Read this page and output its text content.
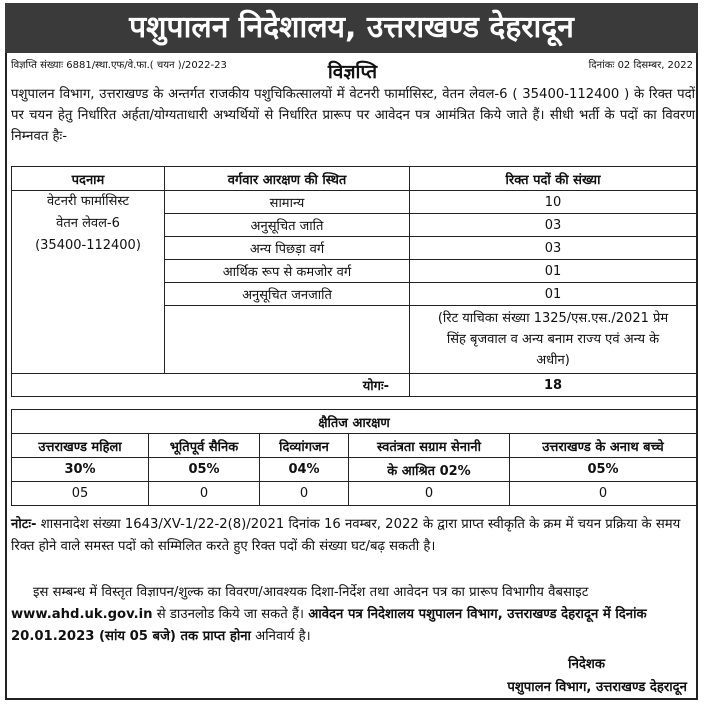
पशुपालन निदेशालय, उत्तराखण्ड देहरादून
विज्ञप्ति संख्याः 6881/स्था.एफ/वे.फा.( चयन )/2022-23	दिनांकः 02 दिसम्बर, 2022
विज्ञप्ति
पशुपालन विभाग, उत्तराखण्ड के अन्तर्गत राजकीय पशुचिकित्सालयों में वेटनरी फार्मासिस्ट, वेतन लेवल-6 ( 35400-112400 ) के रिक्त पदों पर चयन हेतु निर्धारित अर्हता/योग्यताधारी अभ्यर्थियों से निर्धारित प्रारूप पर आवेदन पत्र आमंत्रित किये जाते हैं। सीधी भर्ती के पदों का विवरण निम्नवत हैः-
पदनाम	वर्गवार आरक्षण की स्थित	रिक्त पदों की संख्या

वेटनरी फार्मासिस्ट
वेतन लेवल-6
(35400-112400)	सामान्य	10
	अनुसूचित जाति	03
	अन्य पिछड़ा वर्ग	03
	आर्थिक रूप से कमजोर वर्ग	01
	अनुसूचित जनजाति	01
		(रिट याचिका संख्या 1325/एस.एस./2021 प्रेम सिंह बृजवाल व अन्य बनाम राज्य एवं अन्य के अधीन)
योगः-		18
क्षैतिज आरक्षण				
उत्तराखण्ड महिला	भूतिपूर्व सैनिक	दिव्यांगजन	स्वतंत्रता सग्राम सेनानी	उत्तराखण्ड के अनाथ बच्चे
30%	05%	04%	के आश्रित 02%	05%
05	0	0	0	0
नोटः- शासनादेश संख्या 1643/XV-1/22-2(8)/2021 दिनांक 16 नवम्बर, 2022 के द्वारा प्राप्त स्वीकृति के क्रम में चयन प्रक्रिया के समय रिक्त होने वाले समस्त पदों को सम्मिलित करते हुए रिक्त पदों की संख्या घट/बढ़ सकती है।
इस सम्बन्ध में विस्तृत विज्ञापन/शुल्क का विवरण/आवश्यक दिशा-निर्देश तथा आवेदन पत्र का प्रारूप विभागीय वैबसाइट www.ahd.uk.gov.in से डाउनलोड किये जा सकते हैं। आवेदन पत्र निदेशालय पशुपालन विभाग, उत्तराखण्ड देहरादून में दिनांक 20.01.2023 (सांय 05 बजे) तक प्राप्त होना अनिवार्य है।
निदेशक
पशुपालन विभाग, उत्तराखण्ड देहरादून
